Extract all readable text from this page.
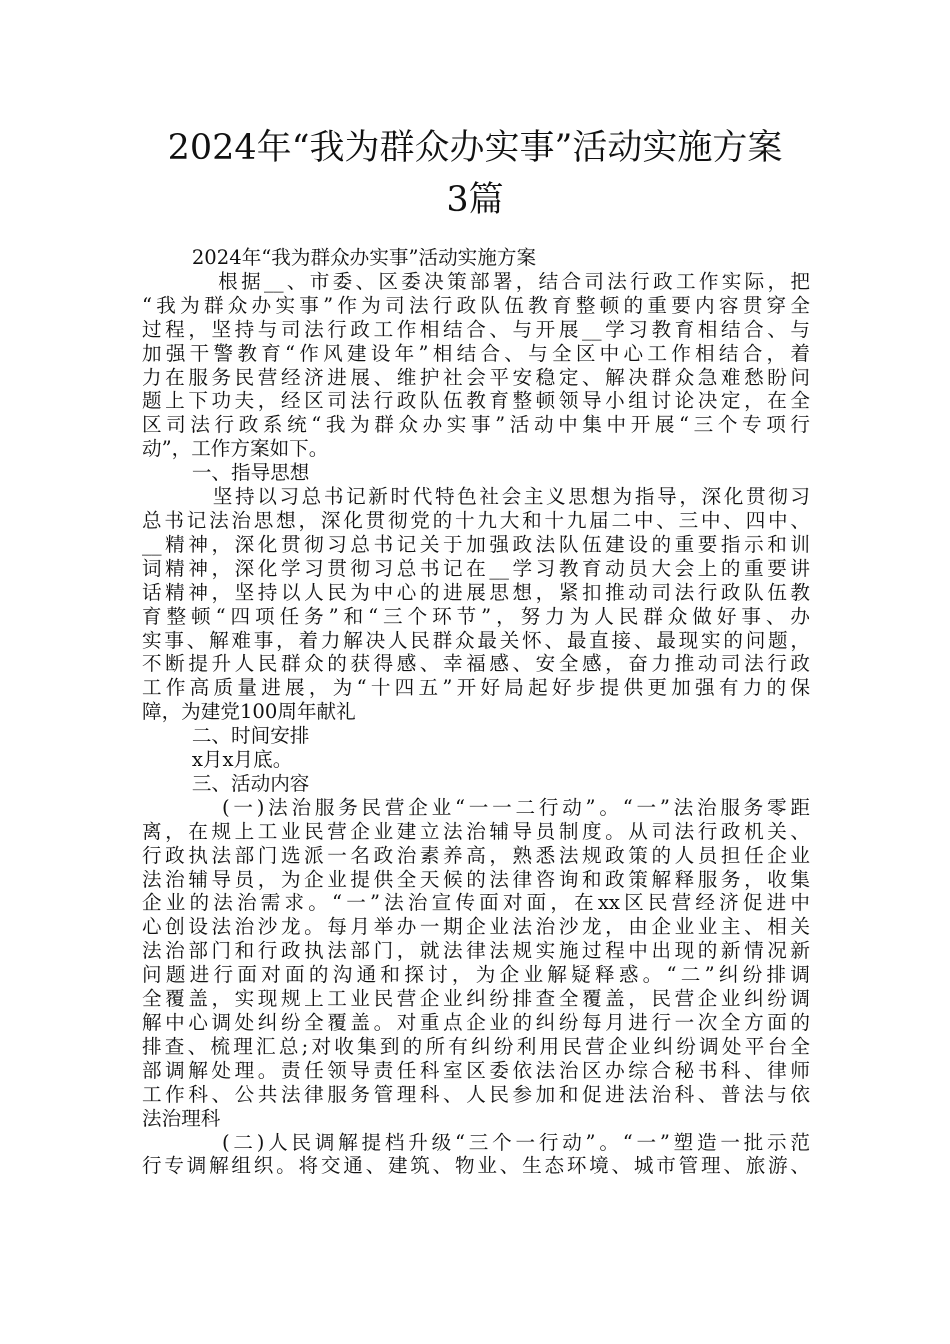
2024年“我为群众办实事”活动实施方案
3篇

2024年“我为群众办实事”活动实施方案

根据__、市委、区委决策部署，结合司法行政工作实际，把

“我为群众办实事”作为司法行政队伍教育整顿的重要内容贯穿全

过程，坚持与司法行政工作相结合、与开展__学习教育相结合、与

加强干警教育“作风建设年”相结合、与全区中心工作相结合，着

力在服务民营经济进展、维护社会平安稳定、解决群众急难愁盼问

题上下功夫，经区司法行政队伍教育整顿领导小组讨论决定，在全

区司法行政系统“我为群众办实事”活动中集中开展“三个专项行

动”，工作方案如下。

一、指导思想

坚持以习总书记新时代特色社会主义思想为指导，深化贯彻习

总书记法治思想，深化贯彻党的十九大和十九届二中、三中、四中、

__精神，深化贯彻习总书记关于加强政法队伍建设的重要指示和训

词精神，深化学习贯彻习总书记在__学习教育动员大会上的重要讲

话精神，坚持以人民为中心的进展思想，紧扣推动司法行政队伍教

育整顿“四项任务”和“三个环节”，努力为人民群众做好事、办

实事、解难事，着力解决人民群众最关怀、最直接、最现实的问题，

不断提升人民群众的获得感、幸福感、安全感，奋力推动司法行政

工作高质量进展，为“十四五”开好局起好步提供更加强有力的保

障，为建党100周年献礼

二、时间安排

x月x月底。

三、活动内容

(一)法治服务民营企业“一一二行动”。“一”法治服务零距

离，在规上工业民营企业建立法治辅导员制度。从司法行政机关、

行政执法部门选派一名政治素养高，熟悉法规政策的人员担任企业

法治辅导员，为企业提供全天候的法律咨询和政策解释服务，收集

企业的法治需求。“一”法治宣传面对面，在xx区民营经济促进中

心创设法治沙龙。每月举办一期企业法治沙龙，由企业业主、相关

法治部门和行政执法部门，就法律法规实施过程中出现的新情况新

问题进行面对面的沟通和探讨，为企业解疑释惑。“二”纠纷排调

全覆盖，实现规上工业民营企业纠纷排查全覆盖，民营企业纠纷调

解中心调处纠纷全覆盖。对重点企业的纠纷每月进行一次全方面的

排查、梳理汇总;对收集到的所有纠纷利用民营企业纠纷调处平台全

部调解处理。责任领导责任科室区委依法治区办综合秘书科、律师

工作科、公共法律服务管理科、人民参加和促进法治科、普法与依

法治理科

(二)人民调解提档升级“三个一行动”。“一”塑造一批示范

行专调解组织。将交通、建筑、物业、生态环境、城市管理、旅游、
